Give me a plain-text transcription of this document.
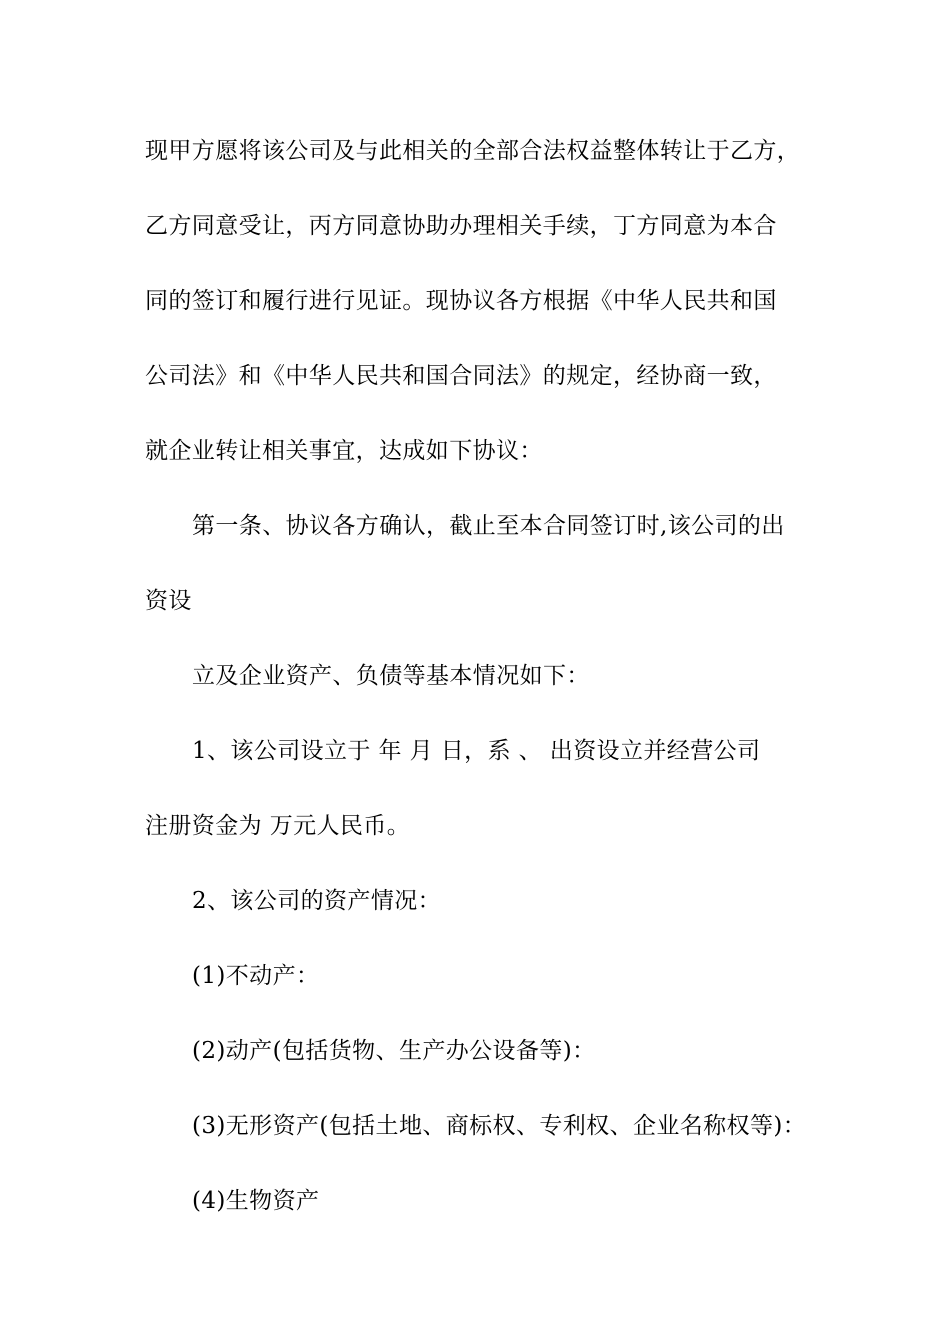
现甲方愿将该公司及与此相关的全部合法权益整体转让于乙方，
乙方同意受让，丙方同意协助办理相关手续，丁方同意为本合
同的签订和履行进行见证。现协议各方根据《中华人民共和国
公司法》和《中华人民共和国合同法》的规定，经协商一致，
就企业转让相关事宜，达成如下协议：
第一条、协议各方确认，截止至本合同签订时,该公司的出
资设
立及企业资产、负债等基本情况如下：
1、该公司设立于 年 月 日，系 、 出资设立并经营公司
注册资金为 万元人民币。
2、该公司的资产情况：
(1)不动产：
(2)动产(包括货物、生产办公设备等)：
(3)无形资产(包括土地、商标权、专利权、企业名称权等)：
(4)生物资产
